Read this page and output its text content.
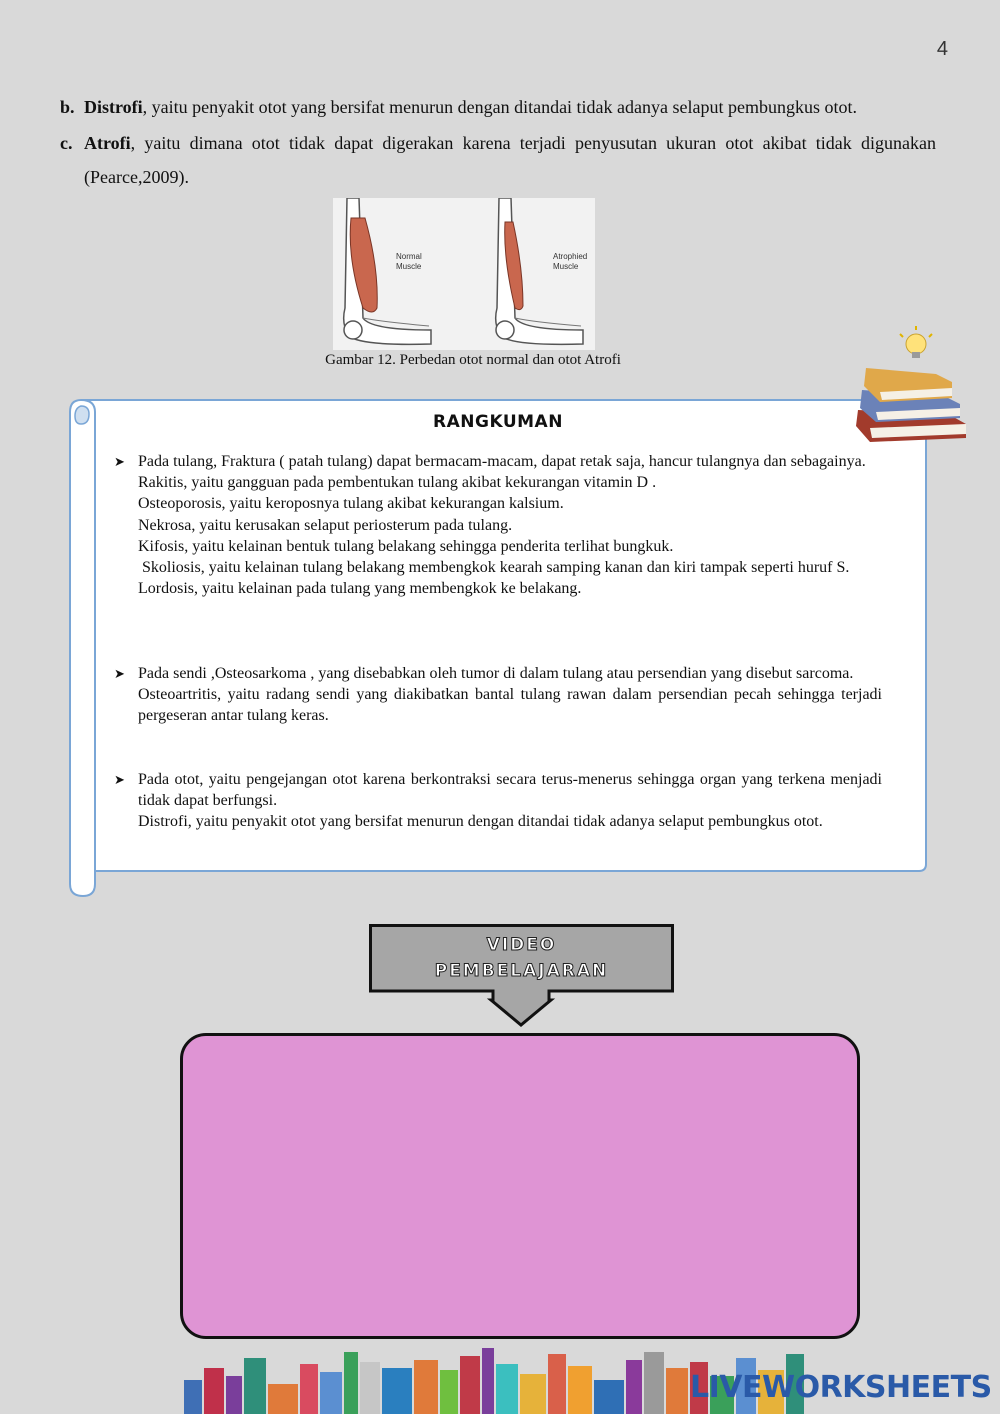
4
b. Distrofi, yaitu penyakit otot yang bersifat menurun dengan ditandai tidak adanya selaput pembungkus otot.
c. Atrofi, yaitu dimana otot tidak dapat digerakan karena terjadi penyusutan ukuran otot akibat tidak digunakan (Pearce,2009).
Normal
Muscle
Atrophied
Muscle
Gambar 12. Perbedan otot normal dan otot Atrofi
RANGKUMAN
➤ Pada tulang, Fraktura ( patah tulang) dapat bermacam-macam, dapat retak saja, hancur tulangnya dan sebagainya.

Rakitis, yaitu gangguan pada pembentukan tulang akibat kekurangan vitamin D .

Osteoporosis, yaitu keroposnya tulang akibat kekurangan kalsium.

Nekrosa, yaitu kerusakan selaput periosterum pada tulang.

Kifosis, yaitu kelainan bentuk tulang belakang sehingga penderita terlihat bungkuk.

Skoliosis, yaitu kelainan tulang belakang membengkok kearah samping kanan dan kiri tampak seperti huruf S.

Lordosis, yaitu kelainan pada tulang yang membengkok ke belakang.

➤ Pada sendi ,Osteosarkoma , yang disebabkan oleh tumor di dalam tulang atau persendian yang disebut sarcoma.

Osteoartritis, yaitu radang sendi yang diakibatkan bantal tulang rawan dalam persendian pecah sehingga terjadi pergeseran antar tulang keras.

➤ Pada otot, yaitu pengejangan otot karena berkontraksi secara terus-menerus sehingga organ yang terkena menjadi tidak dapat berfungsi.

Distrofi, yaitu penyakit otot yang bersifat menurun dengan ditandai tidak adanya selaput pembungkus otot.

VIDEO
PEMBELAJARAN
LIVEWORKSHEETS
